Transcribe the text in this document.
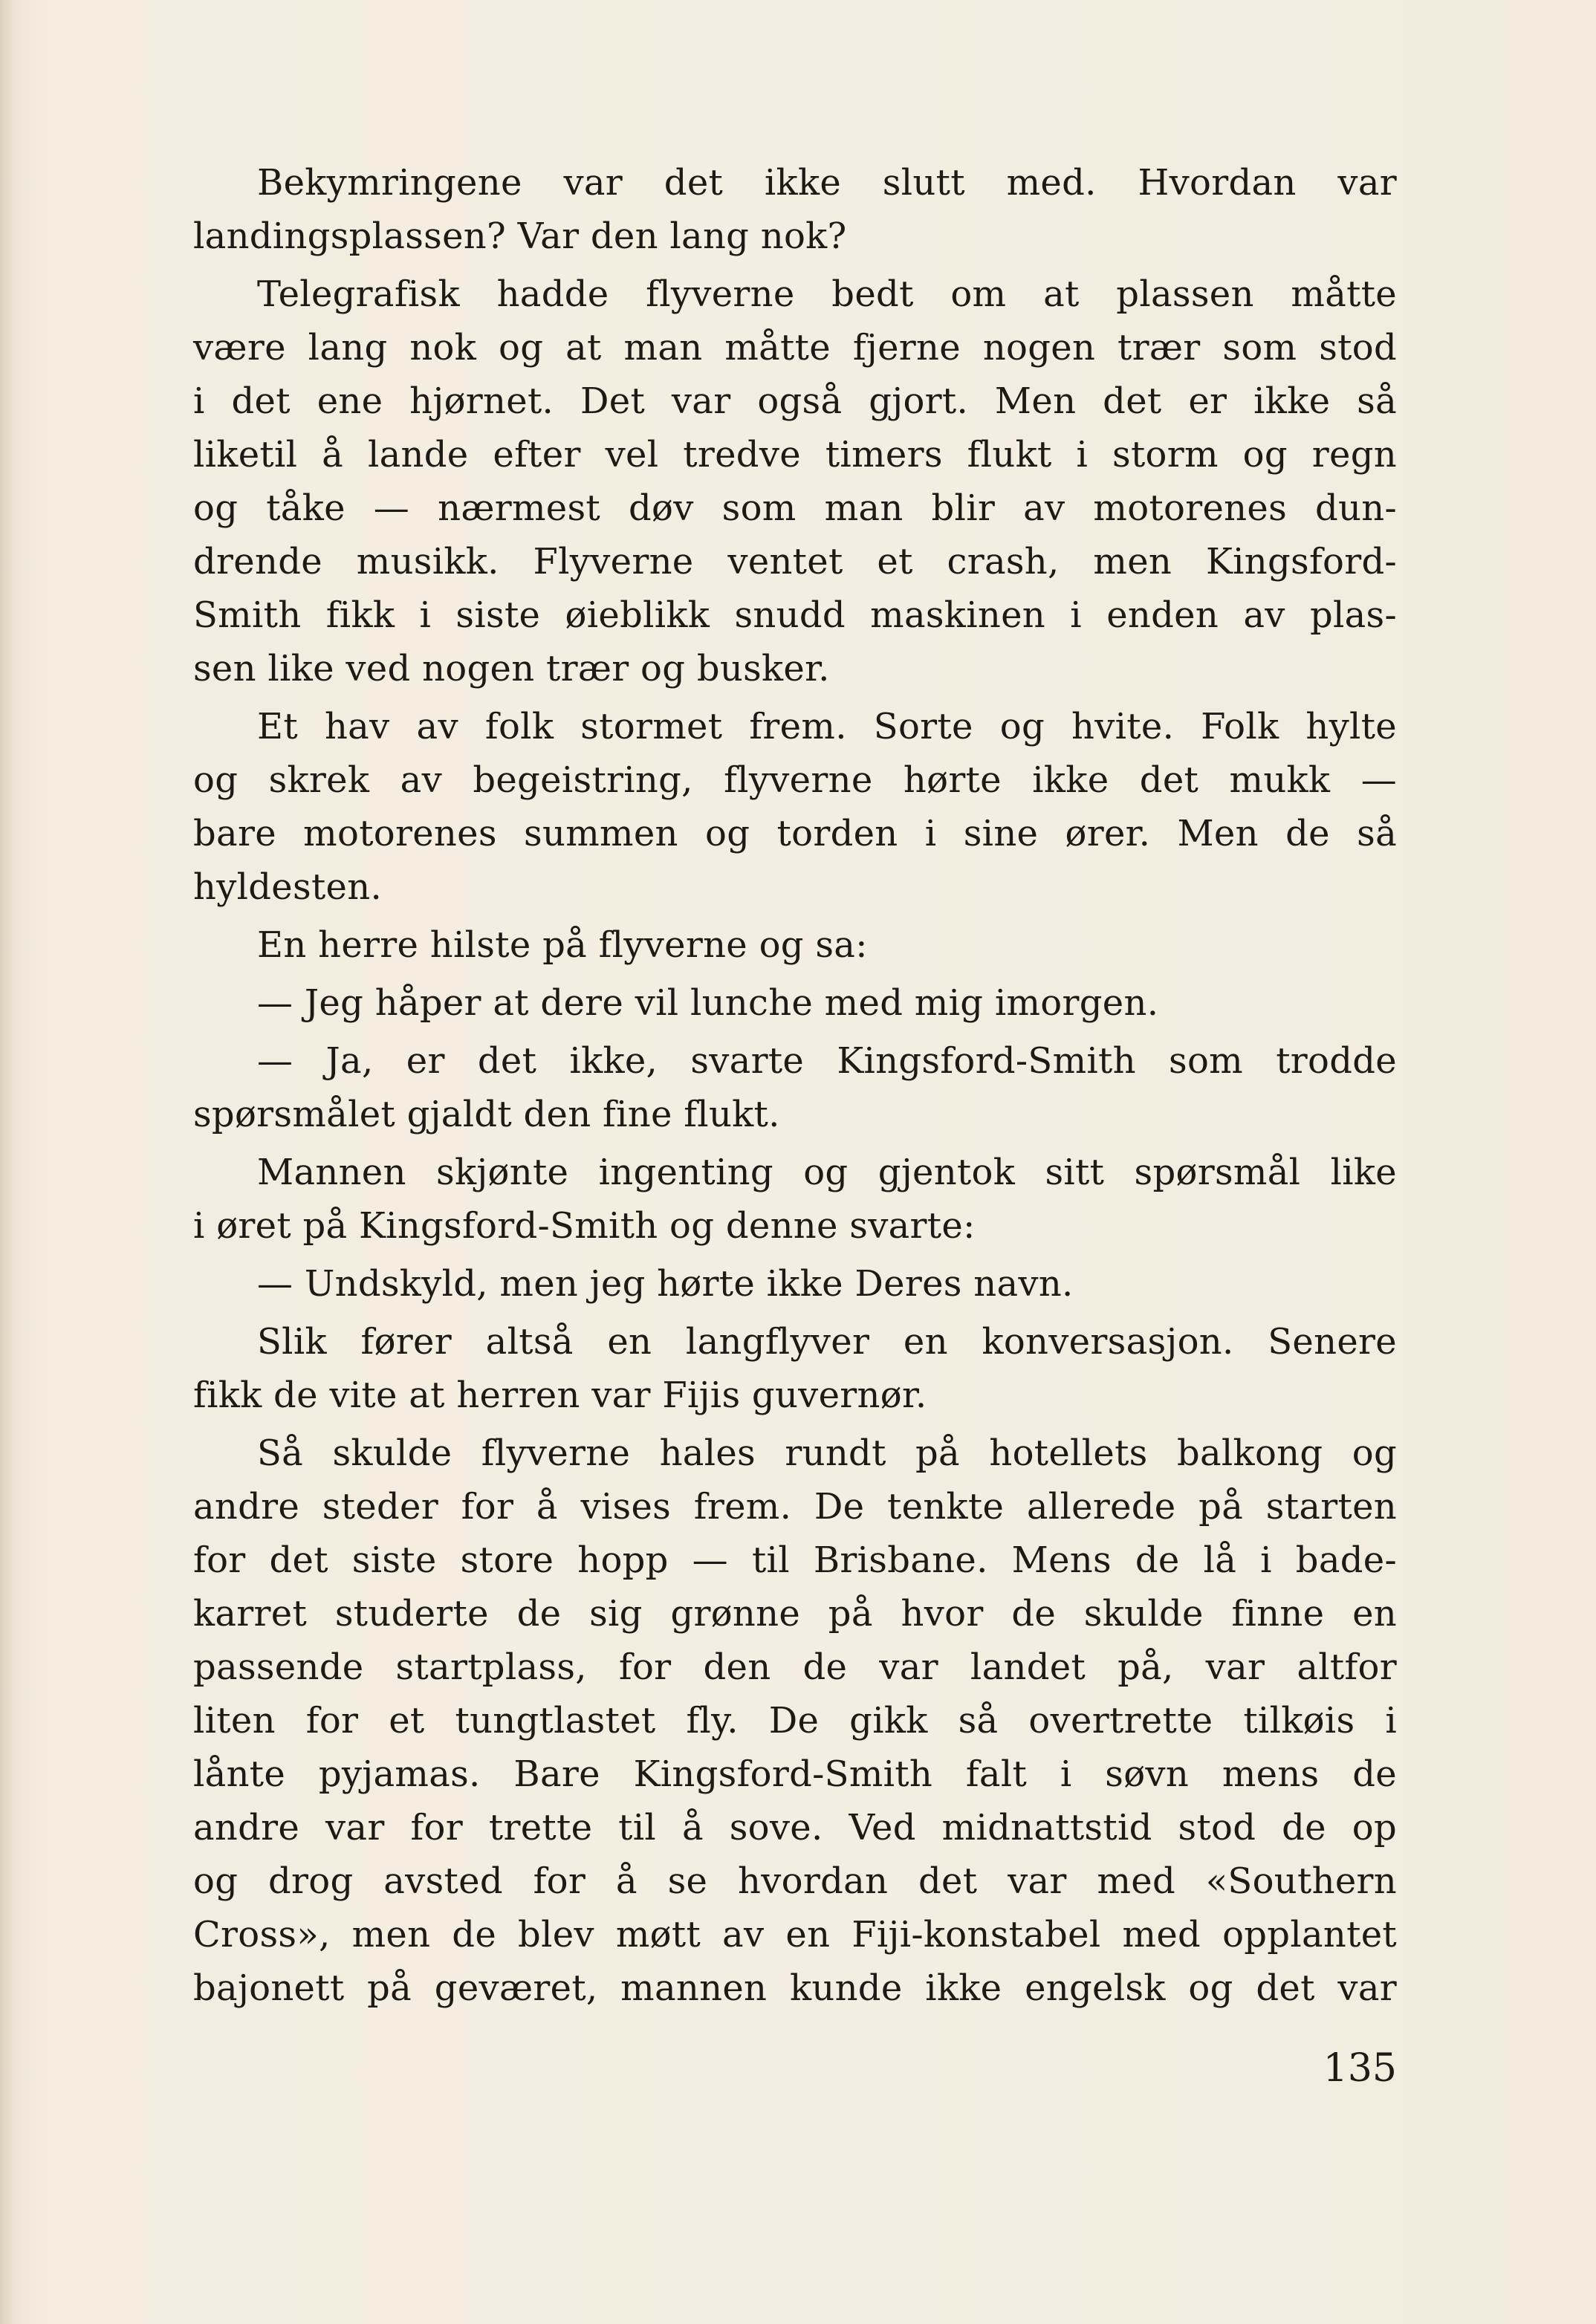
Bekymringene var det ikke slutt med. Hvordan var
landingsplassen? Var den lang nok?
Telegrafisk hadde flyverne bedt om at plassen måtte
være lang nok og at man måtte fjerne nogen trær som stod
i det ene hjørnet. Det var også gjort. Men det er ikke så
liketil å lande efter vel tredve timers flukt i storm og regn
og tåke — nærmest døv som man blir av motorenes dun-
drende musikk. Flyverne ventet et crash, men Kingsford-
Smith fikk i siste øieblikk snudd maskinen i enden av plas-
sen like ved nogen trær og busker.
Et hav av folk stormet frem. Sorte og hvite. Folk hylte
og skrek av begeistring, flyverne hørte ikke det mukk —
bare motorenes summen og torden i sine ører. Men de så
hyldesten.
En herre hilste på flyverne og sa:
— Jeg håper at dere vil lunche med mig imorgen.
— Ja, er det ikke, svarte Kingsford-Smith som trodde
spørsmålet gjaldt den fine flukt.
Mannen skjønte ingenting og gjentok sitt spørsmål like
i øret på Kingsford-Smith og denne svarte:
— Undskyld, men jeg hørte ikke Deres navn.
Slik fører altså en langflyver en konversasjon. Senere
fikk de vite at herren var Fijis guvernør.
Så skulde flyverne hales rundt på hotellets balkong og
andre steder for å vises frem. De tenkte allerede på starten
for det siste store hopp — til Brisbane. Mens de lå i bade-
karret studerte de sig grønne på hvor de skulde finne en
passende startplass, for den de var landet på, var altfor
liten for et tungtlastet fly. De gikk så overtrette tilkøis i
lånte pyjamas. Bare Kingsford-Smith falt i søvn mens de
andre var for trette til å sove. Ved midnattstid stod de op
og drog avsted for å se hvordan det var med «Southern
Cross», men de blev møtt av en Fiji-konstabel med opplantet
bajonett på geværet, mannen kunde ikke engelsk og det var
135
